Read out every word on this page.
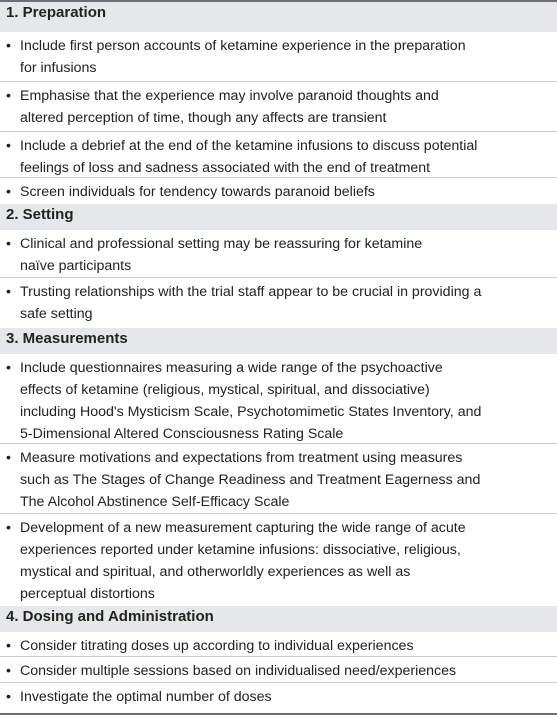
1. Preparation
• Include first person accounts of ketamine experience in the preparation
for infusions
• Emphasise that the experience may involve paranoid thoughts and
altered perception of time, though any affects are transient
• Include a debrief at the end of the ketamine infusions to discuss potential
feelings of loss and sadness associated with the end of treatment
• Screen individuals for tendency towards paranoid beliefs
2. Setting
• Clinical and professional setting may be reassuring for ketamine
naïve participants
• Trusting relationships with the trial staff appear to be crucial in providing a
safe setting
3. Measurements
• Include questionnaires measuring a wide range of the psychoactive
effects of ketamine (religious, mystical, spiritual, and dissociative)
including Hood's Mysticism Scale, Psychotomimetic States Inventory, and
5-Dimensional Altered Consciousness Rating Scale
• Measure motivations and expectations from treatment using measures
such as The Stages of Change Readiness and Treatment Eagerness and
The Alcohol Abstinence Self-Efficacy Scale
• Development of a new measurement capturing the wide range of acute
experiences reported under ketamine infusions: dissociative, religious,
mystical and spiritual, and otherworldly experiences as well as
perceptual distortions
4. Dosing and Administration
• Consider titrating doses up according to individual experiences
• Consider multiple sessions based on individualised need/experiences
• Investigate the optimal number of doses
